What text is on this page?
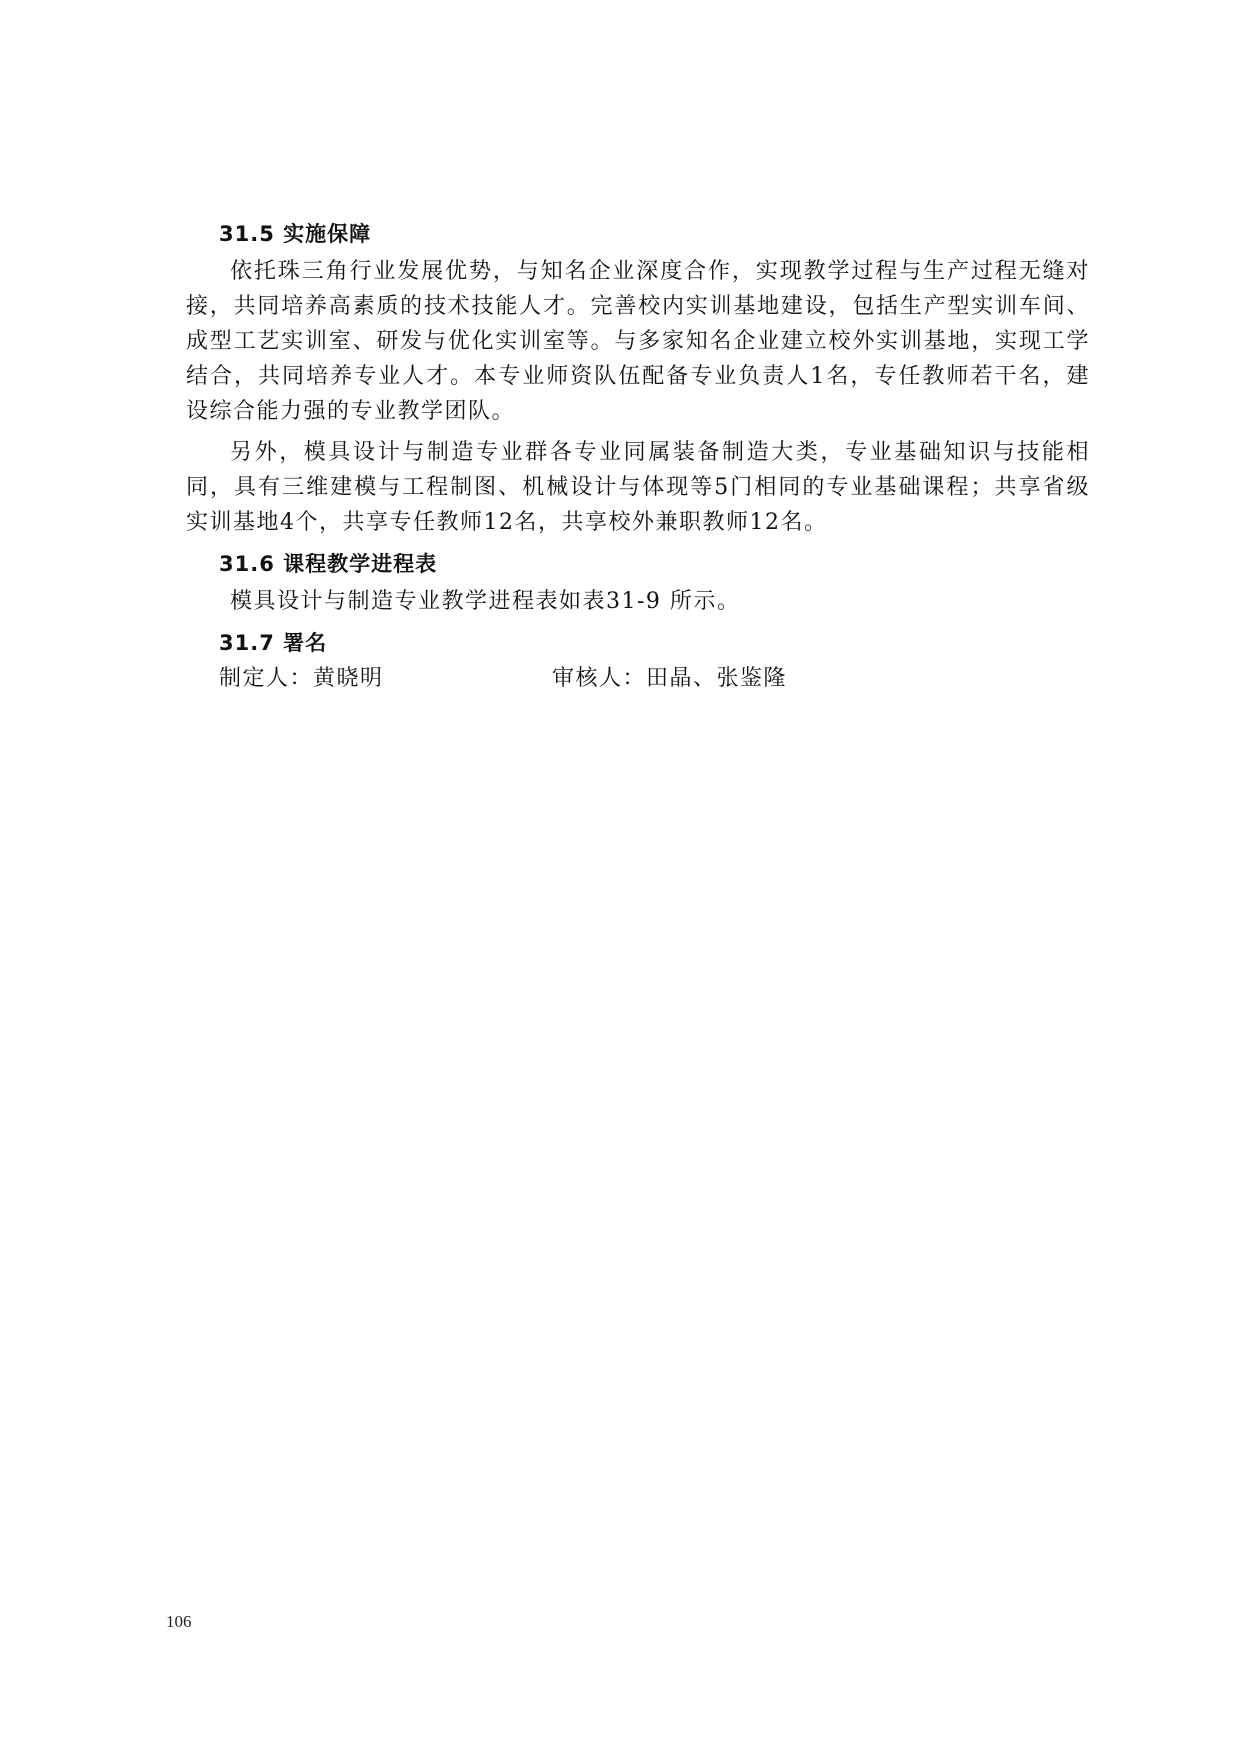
31.5 实施保障

依托珠三角行业发展优势，与知名企业深度合作，实现教学过程与生产过程无缝对接，共同培养高素质的技术技能人才。完善校内实训基地建设，包括生产型实训车间、成型工艺实训室、研发与优化实训室等。与多家知名企业建立校外实训基地，实现工学结合，共同培养专业人才。本专业师资队伍配备专业负责人1名，专任教师若干名，建设综合能力强的专业教学团队。

另外，模具设计与制造专业群各专业同属装备制造大类，专业基础知识与技能相同，具有三维建模与工程制图、机械设计与体现等5门相同的专业基础课程；共享省级实训基地4个，共享专任教师12名，共享校外兼职教师12名。

31.6 课程教学进程表

模具设计与制造专业教学进程表如表31-9 所示。

31.7 署名
制定人：黄晓明	审核人：田晶、张鉴隆
106
